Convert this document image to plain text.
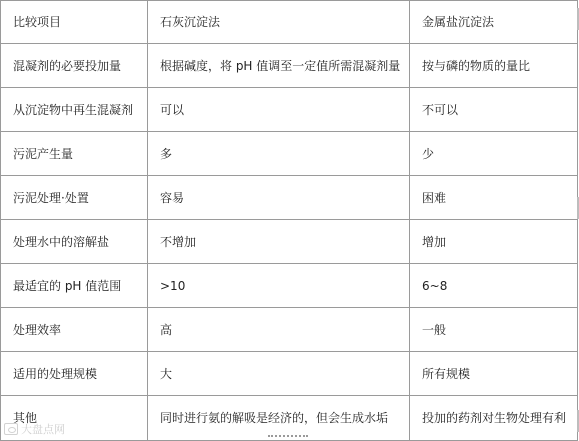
比较项目	石灰沉淀法	金属盐沉淀法
混凝剂的必要投加量	根据碱度，将 pH 值调至一定值所需混凝剂量	按与磷的物质的量比
从沉淀物中再生混凝剂	可以	不可以
污泥产生量	多	少
污泥处理·处置	容易	困难
处理水中的溶解盐	不增加	增加
最适宜的 pH 值范围	>10	6~8
处理效率	高	一般
适用的处理规模	大	所有规模
其他	同时进行氨的解吸是经济的，但会生成水垢	投加的药剂对生物处理有利
大盘点网
